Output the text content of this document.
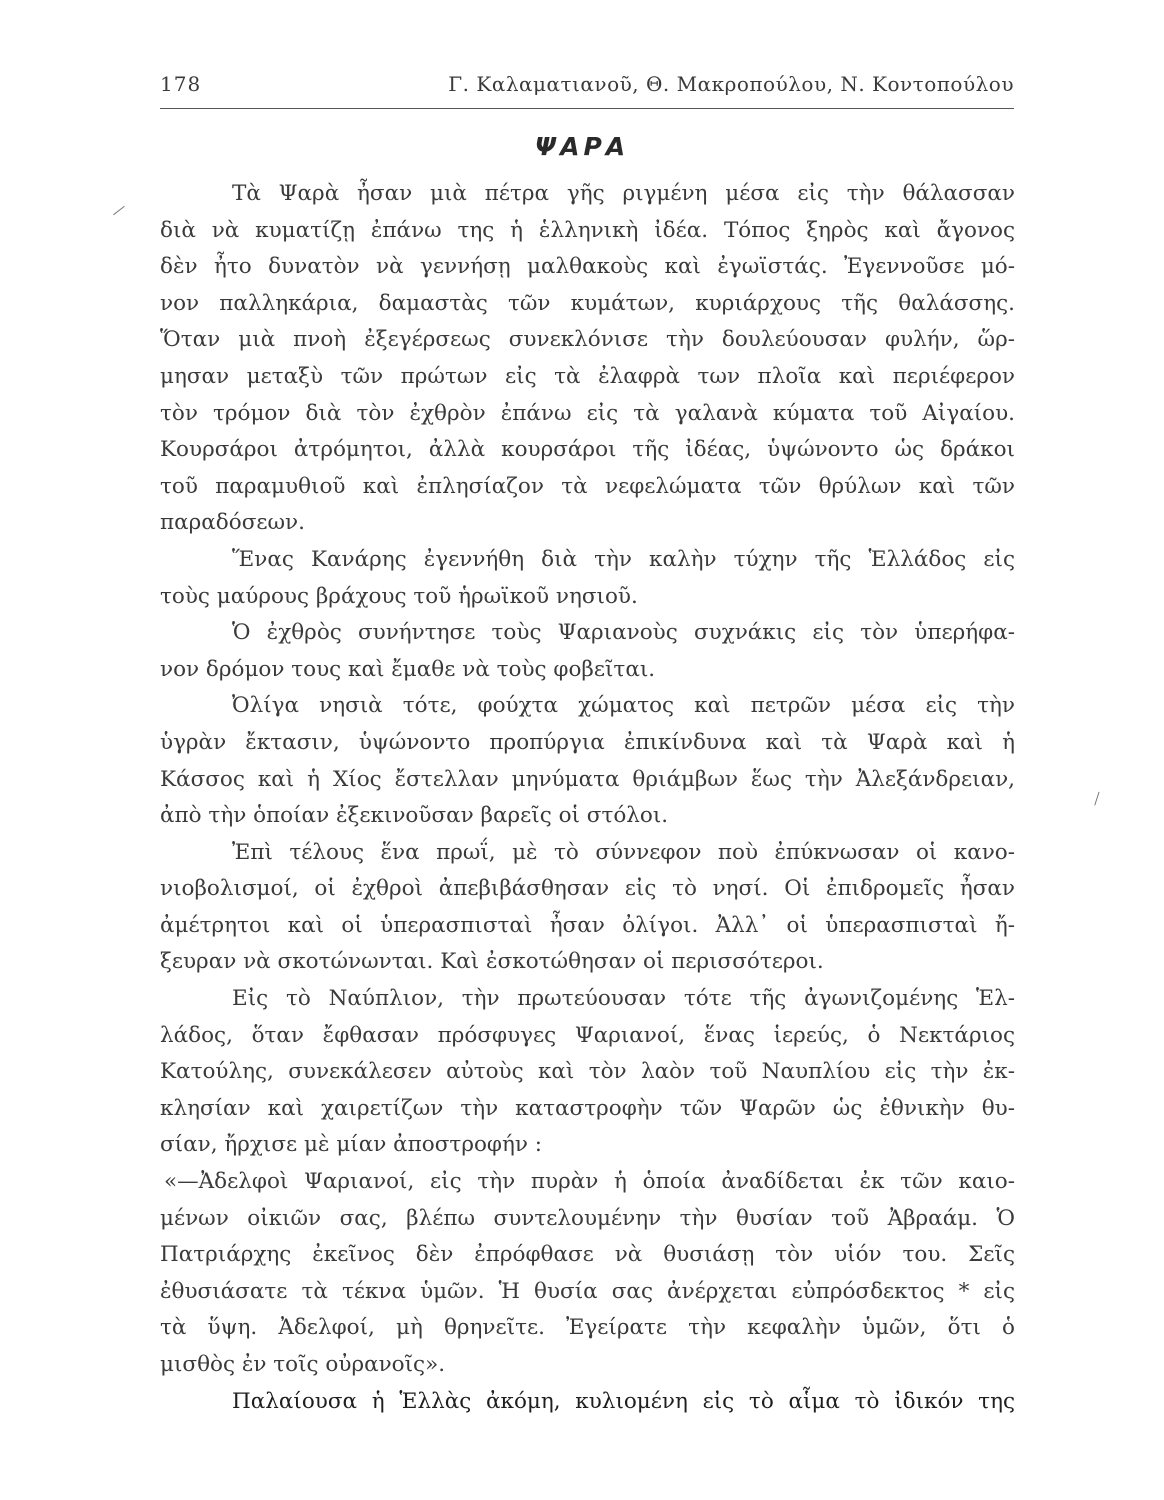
178	Γ. Καλαματιανοῦ, Θ. Μακροπούλου, Ν. Κοντοπούλου
ΨΑΡΑ
Τὰ Ψαρὰ ἦσαν μιὰ πέτρα γῆς ριγμένη μέσα εἰς τὴν θάλασσαν
διὰ νὰ κυματίζῃ ἐπάνω της ἡ ἑλληνικὴ ἰδέα. Τόπος ξηρὸς καὶ ἄγονος
δὲν ἦτο δυνατὸν νὰ γεννήσῃ μαλθακοὺς καὶ ἐγωϊστάς. Ἐγεννοῦσε μό-
νον παλληκάρια, δαμαστὰς τῶν κυμάτων, κυριάρχους τῆς θαλάσσης.
Ὅταν μιὰ πνοὴ ἐξεγέρσεως συνεκλόνισε τὴν δουλεύουσαν φυλήν, ὥρ-
μησαν μεταξὺ τῶν πρώτων εἰς τὰ ἐλαφρὰ των πλοῖα καὶ περιέφερον
τὸν τρόμον διὰ τὸν ἐχθρὸν ἐπάνω εἰς τὰ γαλανὰ κύματα τοῦ Αἰγαίου.
Κουρσάροι ἀτρόμητοι, ἀλλὰ κουρσάροι τῆς ἰδέας, ὑψώνοντο ὡς δράκοι
τοῦ παραμυθιοῦ καὶ ἐπλησίαζον τὰ νεφελώματα τῶν θρύλων καὶ τῶν
παραδόσεων.
Ἕνας Κανάρης ἐγεννήθη διὰ τὴν καλὴν τύχην τῆς Ἑλλάδος εἰς
τοὺς μαύρους βράχους τοῦ ἡρωϊκοῦ νησιοῦ.
Ὁ ἐχθρὸς συνήντησε τοὺς Ψαριανοὺς συχνάκις εἰς τὸν ὑπερήφα-
νον δρόμον τους καὶ ἔμαθε νὰ τοὺς φοβεῖται.
Ὀλίγα νησιὰ τότε, φούχτα χώματος καὶ πετρῶν μέσα εἰς τὴν
ὑγρὰν ἔκτασιν, ὑψώνοντο προπύργια ἐπικίνδυνα καὶ τὰ Ψαρὰ καὶ ἡ
Κάσσος καὶ ἡ Χίος ἔστελλαν μηνύματα θριάμβων ἕως τὴν Ἀλεξάνδρειαν,
ἀπὸ τὴν ὁποίαν ἐξεκινοῦσαν βαρεῖς οἱ στόλοι.
Ἐπὶ τέλους ἕνα πρωΐ, μὲ τὸ σύννεφον ποὺ ἐπύκνωσαν οἱ κανο-
νιοβολισμοί, οἱ ἐχθροὶ ἀπεβιβάσθησαν εἰς τὸ νησί. Οἱ ἐπιδρομεῖς ἦσαν
ἀμέτρητοι καὶ οἱ ὑπερασπισταὶ ἦσαν ὀλίγοι. Ἀλλ᾿ οἱ ὑπερασπισταὶ ἤ-
ξευραν νὰ σκοτώνωνται. Καὶ ἐσκοτώθησαν οἱ περισσότεροι.
Εἰς τὸ Ναύπλιον, τὴν πρωτεύουσαν τότε τῆς ἀγωνιζομένης Ἑλ-
λάδος, ὅταν ἔφθασαν πρόσφυγες Ψαριανοί, ἕνας ἱερεύς, ὁ Νεκτάριος
Κατούλης, συνεκάλεσεν αὐτοὺς καὶ τὸν λαὸν τοῦ Ναυπλίου εἰς τὴν ἐκ-
κλησίαν καὶ χαιρετίζων τὴν καταστροφὴν τῶν Ψαρῶν ὡς ἐθνικὴν θυ-
σίαν, ἤρχισε μὲ μίαν ἀποστροφήν :
«—Ἀδελφοὶ Ψαριανοί, εἰς τὴν πυρὰν ἡ ὁποία ἀναδίδεται ἐκ τῶν καιο-
μένων οἰκιῶν σας, βλέπω συντελουμένην τὴν θυσίαν τοῦ Ἀβραάμ. Ὁ
Πατριάρχης ἐκεῖνος δὲν ἐπρόφθασε νὰ θυσιάσῃ τὸν υἱόν του. Σεῖς
ἐθυσιάσατε τὰ τέκνα ὑμῶν. Ἡ θυσία σας ἀνέρχεται εὐπρόσδεκτος * εἰς
τὰ ὕψη. Ἀδελφοί, μὴ θρηνεῖτε. Ἐγείρατε τὴν κεφαλὴν ὑμῶν, ὅτι ὁ
μισθὸς ἐν τοῖς οὐρανοῖς».
Παλαίουσα ἡ Ἑλλὰς ἀκόμη, κυλιομένη εἰς τὸ αἷμα τὸ ἰδικόν της
